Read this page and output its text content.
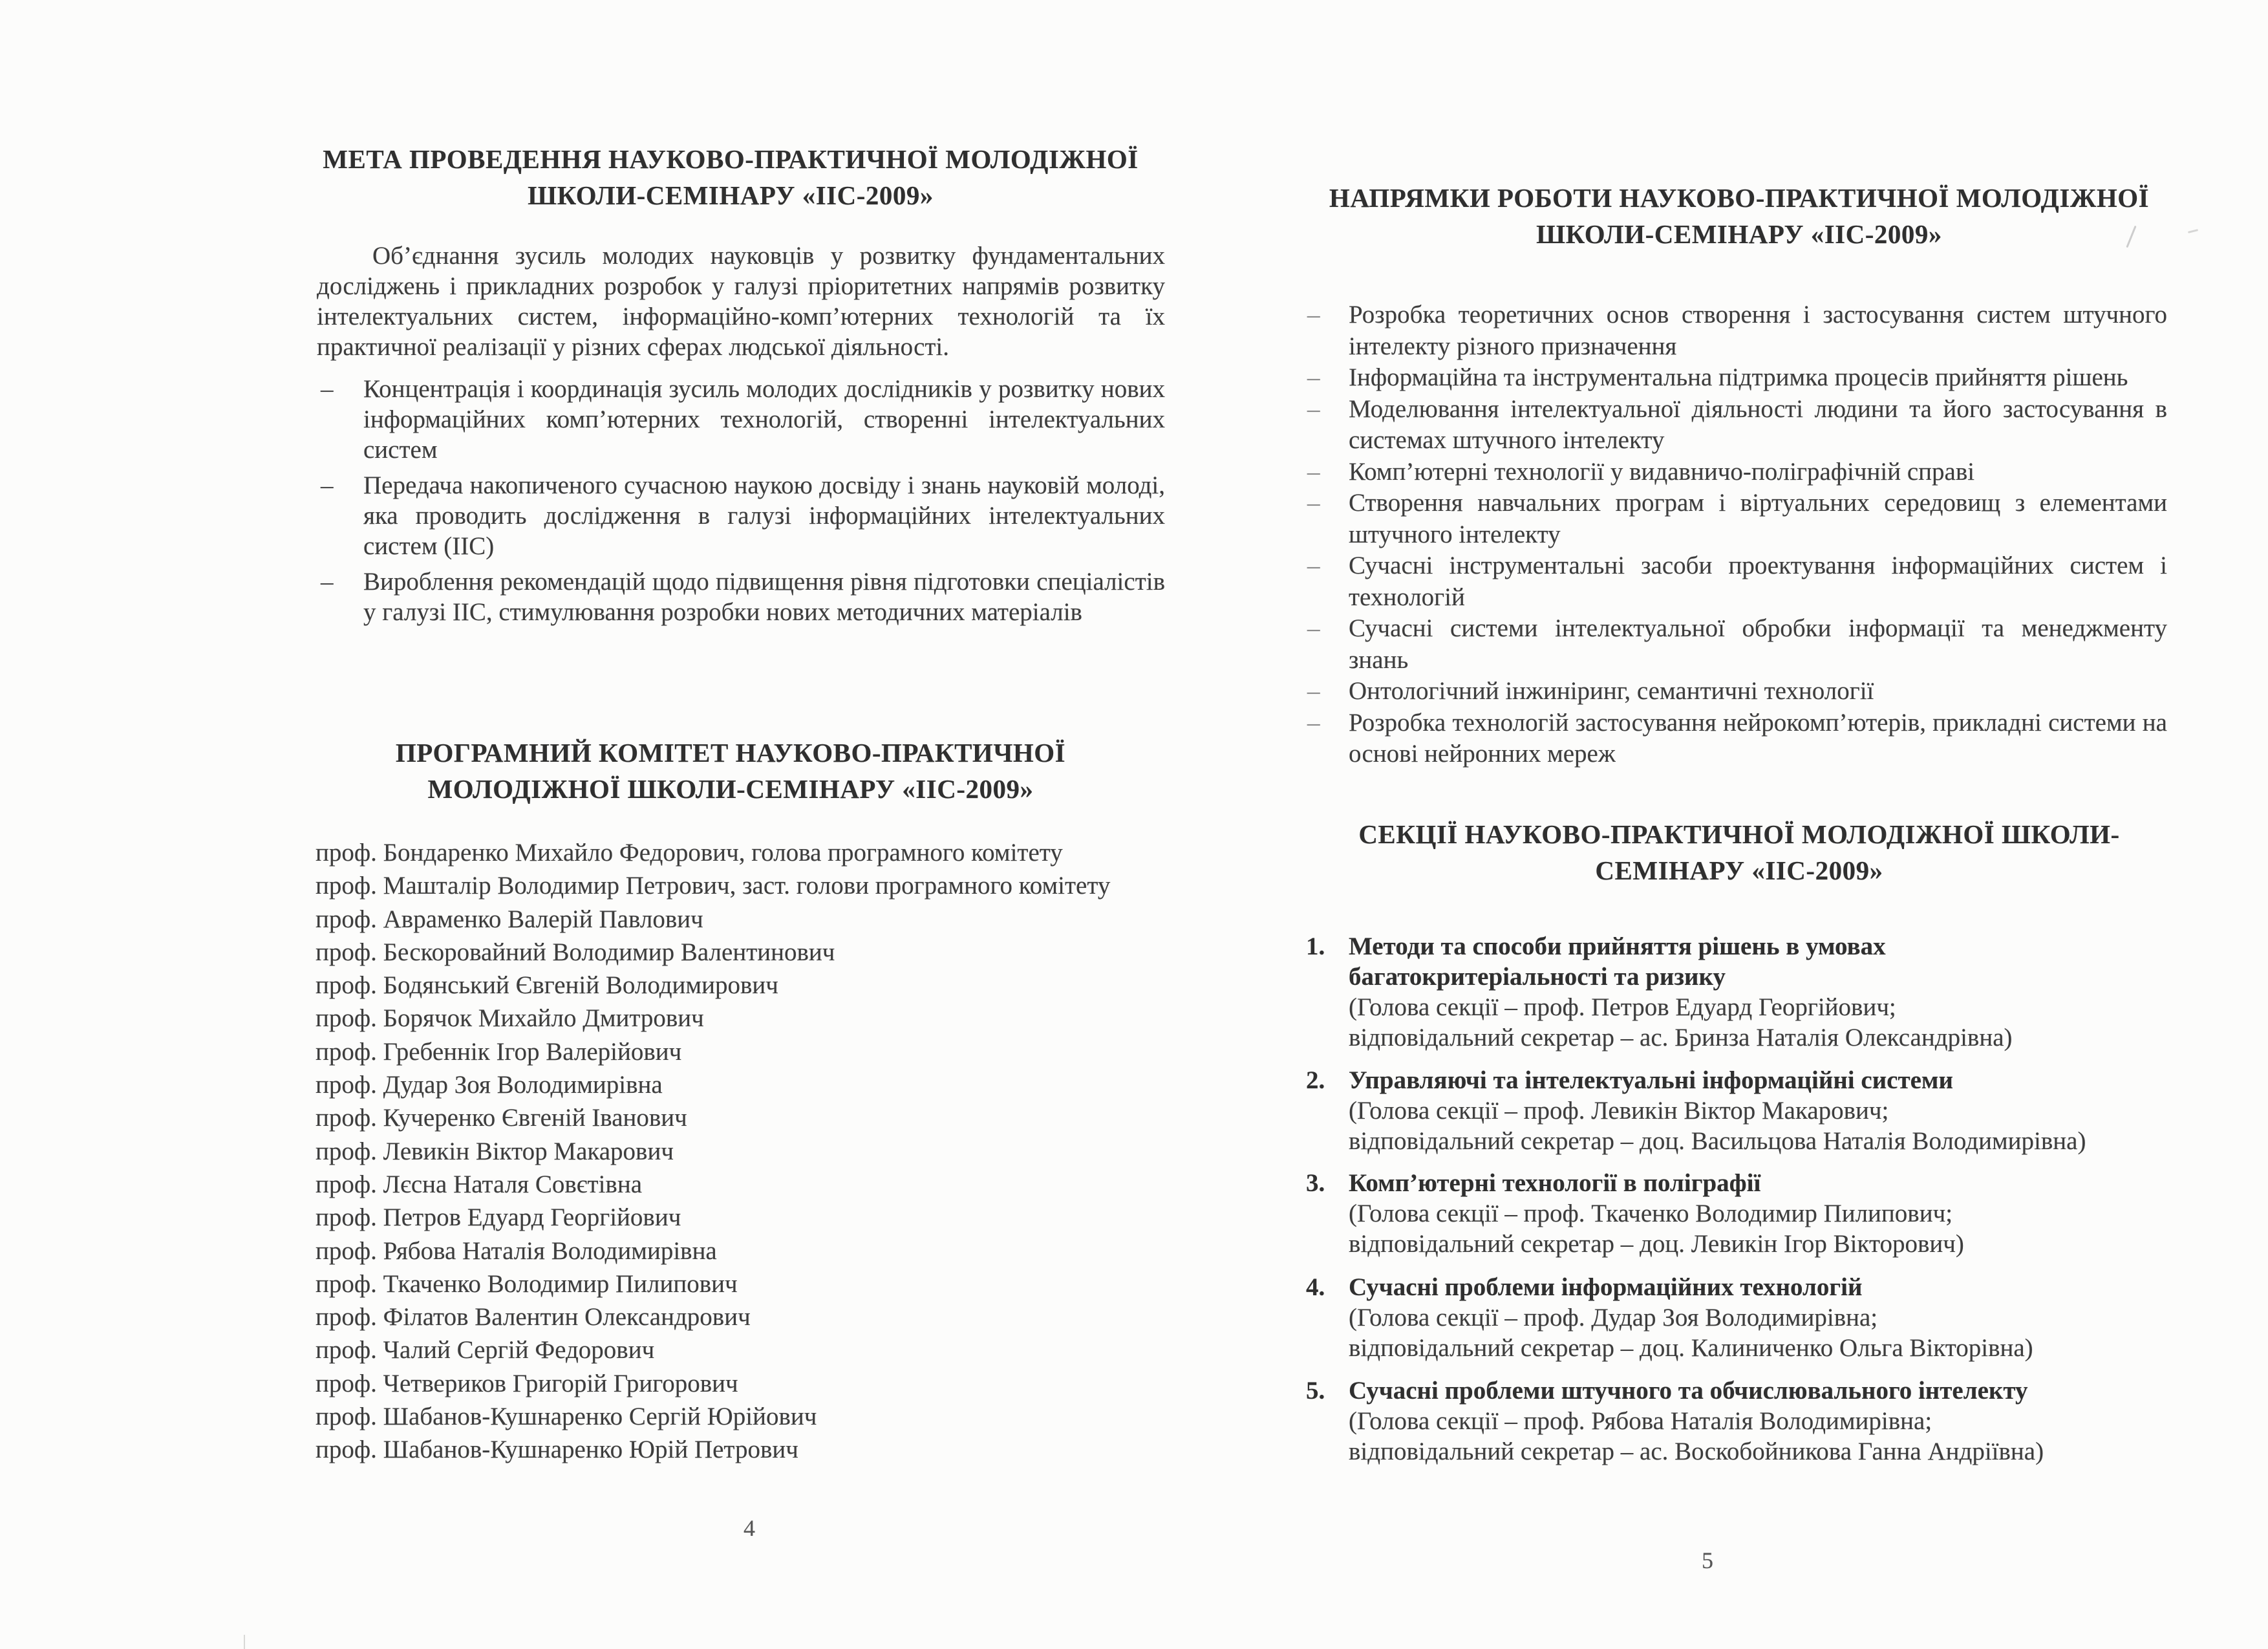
МЕТА ПРОВЕДЕННЯ НАУКОВО-ПРАКТИЧНОЇ МОЛОДІЖНОЇ
ШКОЛИ-СЕМІНАРУ «ІІС-2009»
Об’єднання зусиль молодих науковців у розвитку фундаментальних досліджень і прикладних розробок у галузі пріоритетних напрямів розвитку інтелектуальних систем, інформаційно-комп’ютерних технологій та їх практичної реалізації у різних сферах людської діяльності.
– Концентрація і координація зусиль молодих дослідників у розвитку нових інформаційних комп’ютерних технологій, створенні інтелектуальних систем
– Передача накопиченого сучасною наукою досвіду і знань науковій молоді, яка проводить дослідження в галузі інформаційних інтелектуальних систем (ІІС)
– Вироблення рекомендацій щодо підвищення рівня підготовки спеціалістів у галузі ІІС, стимулювання розробки нових методичних матеріалів
ПРОГРАМНИЙ КОМІТЕТ НАУКОВО-ПРАКТИЧНОЇ
МОЛОДІЖНОЇ ШКОЛИ-СЕМІНАРУ «ІІС-2009»
проф. Бондаренко Михайло Федорович, голова програмного комітету
проф. Машталір Володимир Петрович, заст. голови програмного комітету
проф. Авраменко Валерій Павлович
проф. Бескоровайний Володимир Валентинович
проф. Бодянський Євгеній Володимирович
проф. Борячок Михайло Дмитрович
проф. Гребеннік Ігор Валерійович
проф. Дудар Зоя Володимирівна
проф. Кучеренко Євгеній Іванович
проф. Левикін Віктор Макарович
проф. Лєсна Наталя Совєтівна
проф. Петров Едуард Георгійович
проф. Рябова Наталія Володимирівна
проф. Ткаченко Володимир Пилипович
проф. Філатов Валентин Олександрович
проф. Чалий Сергій Федорович
проф. Четвериков Григорій Григорович
проф. Шабанов-Кушнаренко Сергій Юрійович
проф. Шабанов-Кушнаренко Юрій Петрович
4
НАПРЯМКИ РОБОТИ НАУКОВО-ПРАКТИЧНОЇ МОЛОДІЖНОЇ
ШКОЛИ-СЕМІНАРУ «ІІС-2009»
– Розробка теоретичних основ створення і застосування систем штучного інтелекту різного призначення
– Інформаційна та інструментальна підтримка процесів прийняття рішень
– Моделювання інтелектуальної діяльності людини та його застосування в системах штучного інтелекту
– Комп’ютерні технології у видавничо-поліграфічній справі
– Створення навчальних програм і віртуальних середовищ з елементами штучного інтелекту
– Сучасні інструментальні засоби проектування інформаційних систем і технологій
– Сучасні системи інтелектуальної обробки інформації та менеджменту знань
– Онтологічний інжиніринг, семантичні технології
– Розробка технологій застосування нейрокомп’ютерів, прикладні системи на основі нейронних мереж
СЕКЦІЇ НАУКОВО-ПРАКТИЧНОЇ МОЛОДІЖНОЇ ШКОЛИ-
СЕМІНАРУ «ІІС-2009»
1. Методи та способи прийняття рішень в умовах
багатокритеріальності та ризику
(Голова секції – проф. Петров Едуард Георгійович;
відповідальний секретар – ас. Бринза Наталія Олександрівна)
2. Управляючі та інтелектуальні інформаційні системи
(Голова секції – проф. Левикін Віктор Макарович;
відповідальний секретар – доц. Васильцова Наталія Володимирівна)
3. Комп’ютерні технології в поліграфії
(Голова секції – проф. Ткаченко Володимир Пилипович;
відповідальний секретар – доц. Левикін Ігор Вікторович)
4. Сучасні проблеми інформаційних технологій
(Голова секції – проф. Дудар Зоя Володимирівна;
відповідальний секретар – доц. Калиниченко Ольга Вікторівна)
5. Сучасні проблеми штучного та обчислювального інтелекту
(Голова секції – проф. Рябова Наталія Володимирівна;
відповідальний секретар – ас. Воскобойникова Ганна Андріївна)
5
